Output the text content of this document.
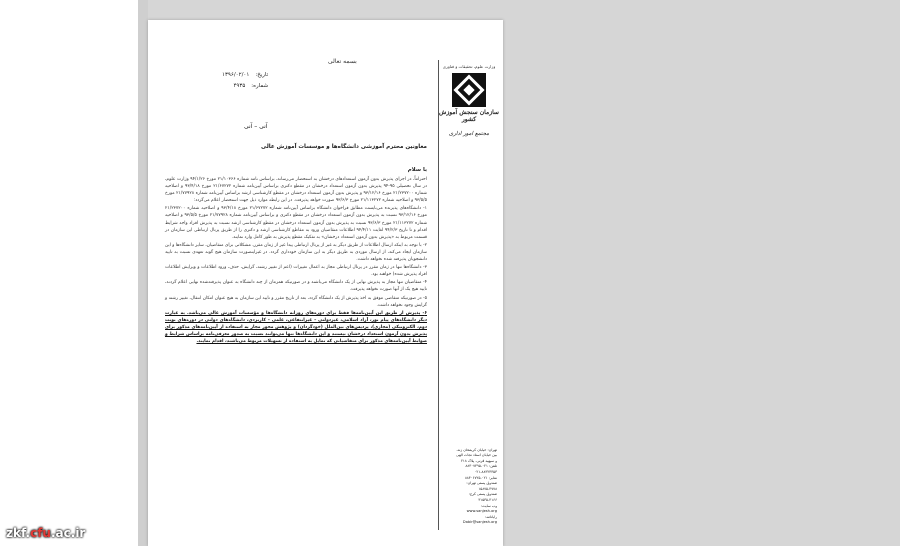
وزارت علوم، تحقیقات و فناوری
سازمان سنجش آموزش کشور
مجتمع امور اداری
تهران: خیابان کریمخان زند،
بین خیابان استاد نجات الهی
و سپهبد قرنی، پلاک ۲۱۸
تلفن: ۰۲۱-۸۸۳۰۷۳۹۵
۰۲۱-۸۸۳۲۳۳۵۳
نمابر: ۰۲۱-۸۸۳۰۶۷۲۵
صندوق پستی تهران:
۱۵۸۷۵-۴۷۷۸
صندوق پستی کرج:
۳۱۵۳۵-۴۱۶۶
وب سایت:
www.sanjesh.org
رایانامه:
Dabir@sanjesh.org
بسمه تعالی
تاریخ:
۱۳۹۶/۰۲/۰۱
شماره:
۴۹۳۵
آنی – آنی
معاونین محترم آموزشی دانشگاه‌ها و موسسات آموزش عالی
با سلام

احتراماً، در اجرای پذیرش بدون آزمون استعدادهای درخشان به استحضار می‌رساند، براساس نامه شماره ۲۱/۱۰۳۶۶ مورخ ۹۴/۱/۲۶ وزارت علوم، در سال تحصیلی ۹۵-۹۴ پذیرش بدون آزمون استعداد درخشان در مقطع دکتری براساس آیین‌نامه شماره ۲۱/۶۷۲۷۲ مورخ ۹۳/۴/۱۸ و اصلاحیه شماره ۲۱/۲۳۷۲۰۰ مورخ ۹۳/۱۲/۱۶ و پذیرش بدون آزمون استعداد درخشان در مقطع کارشناسی ارشد براساس آیین‌نامه شماره ۲۱/۷۷۹۲۸ مورخ ۹۳/۵/۵ و اصلاحیه شماره ۲۱/۱۱۳۲۷۲ مورخ ۹۳/۶/۳ صورت خواهد پذیرفت. در این رابطه موارد ذیل جهت استحضار اعلام می‌گردد:

۱- دانشگاه‌های پذیرنده می‌بایست مطابق فراخوان دانشگاه براساس آیین‌نامه شماره ۲۱/۶۷۲۷۲ مورخ ۹۳/۴/۱۸ و اصلاحیه شماره ۲۱/۲۳۷۲۰۰ مورخ ۹۳/۱۲/۱۶ نسبت به پذیرش بدون آزمون استعداد درخشان در مقطع دکتری و براساس آیین‌نامه شماره ۲۱/۷۷۹۲۸ مورخ ۹۳/۵/۵ و اصلاحیه شماره ۲۱/۱۱۳۲۷۲ مورخ ۹۳/۶/۳ نسبت به پذیرش بدون آزمون استعداد درخشان در مقطع کارشناسی ارشد نسبت به پذیرش افراد واجد شرایط اقدام و تا تاریخ ۹۴/۲/۳ لغایت ۹۴/۴/۱۱ اطلاعات متقاضیان ورود به مقاطع کارشناسی ارشد و دکتری را از طریق پرتال ارتباطی این سازمان در قسمت مربوط به «پذیرش بدون آزمون استعداد درخشان» به تفکیک مقطع پذیرش به طور کامل وارد نمایند.

۲- با توجه به اینکه ارسال اطلاعات از طریق دیگر به غیر از پرتال ارتباطی پیدا غیر از زمان مقرر، مشکلاتی برای متقاضیان، سایر دانشگاه‌ها و این سازمان ایجاد می‌کند، از ارسال موردی به طریق دیگر به این سازمان خودداری گردد. در غیراینصورت سازمان هیچ گونه تعهدی نسبت به تایید دانشجویان پذیرفته شده نخواهد داشت.

۳- دانشگاه‌ها تنها در زمان مقرر در پرتال ارتباطی مجاز به اعمال تغییرات (اعم از تغییر رشته، گرایش، حذف، ورود اطلاعات و ویرایش اطلاعات افراد پذیرش شده) خواهند بود.

۴- متقاضیان تنها مجاز به پذیرش نهایی از یک دانشگاه می‌باشند و در صورتیکه همزمان از چند دانشگاه به عنوان پذیرفته‌شده نهایی اعلام گردند، تایید هیچ یک از آنها صورت نخواهد پذیرفت.

۵- در صورتیکه متقاضی موفق به اخذ پذیرش از یک دانشگاه گردد، بعد از تاریخ مقرر و تایید این سازمان به هیچ عنوان امکان انتقال، تغییر رشته و گرایش وجود نخواهد داشت.

۶- پذیرش از طریق این آیین‌نامه‌ها فقط برای دوره‌های روزانه دانشگاه‌ها و مؤسسات آموزش عالی می‌باشد. به عبارت دیگر دانشگاه‌های پیام نور، آزاد اسلامی، غیردولتی – غیرانتفاعی، علمی – کاربردی، دانشگاه‌های دولتی در دوره‌های نوبت دوم، الکترونیکی (مجازی)، پردیس‌های بین‌الملل (خودگردان) و پژوهش محور مجاز به استفاده از آیین‌نامه‌های مذکور برای پذیرش بدون آزمون استعداد درخشان نیستند و این دانشگاه‌ها تنها می‌توانند نسبت به صدور معرفی‌نامه براساس شرایط و ضوابط آیین‌نامه‌های مذکور برای متقاضیانی که تمایل به استفاده از تسهیلات مربوط می‌باشند، اقدام نمایند.

zkf.cfu.ac.ir
